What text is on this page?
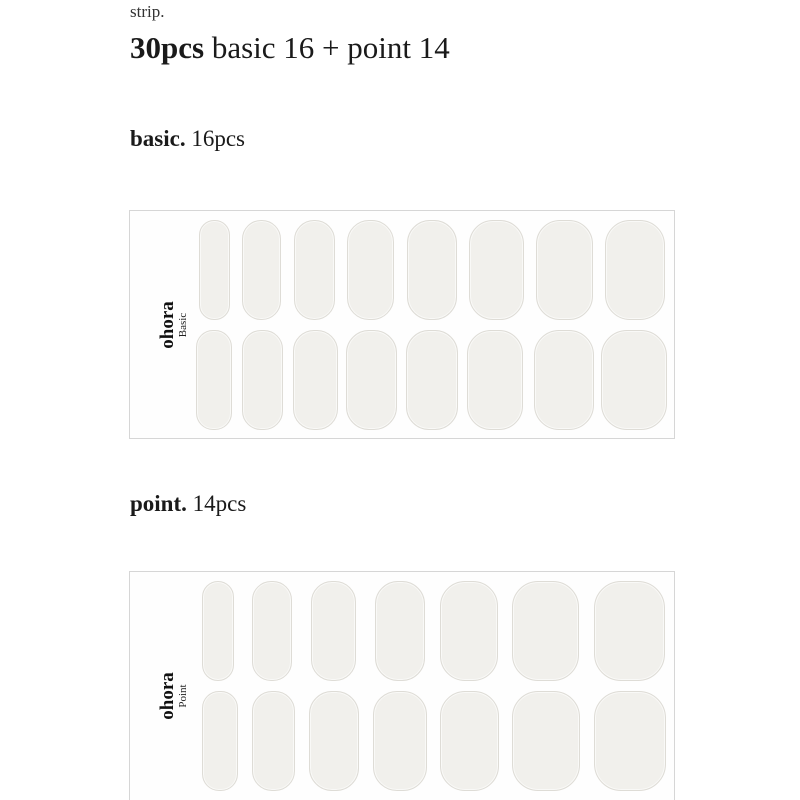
strip.
30pcs basic 16 + point 14
basic. 16pcs
ohora Basic
point. 14pcs
ohora Point
